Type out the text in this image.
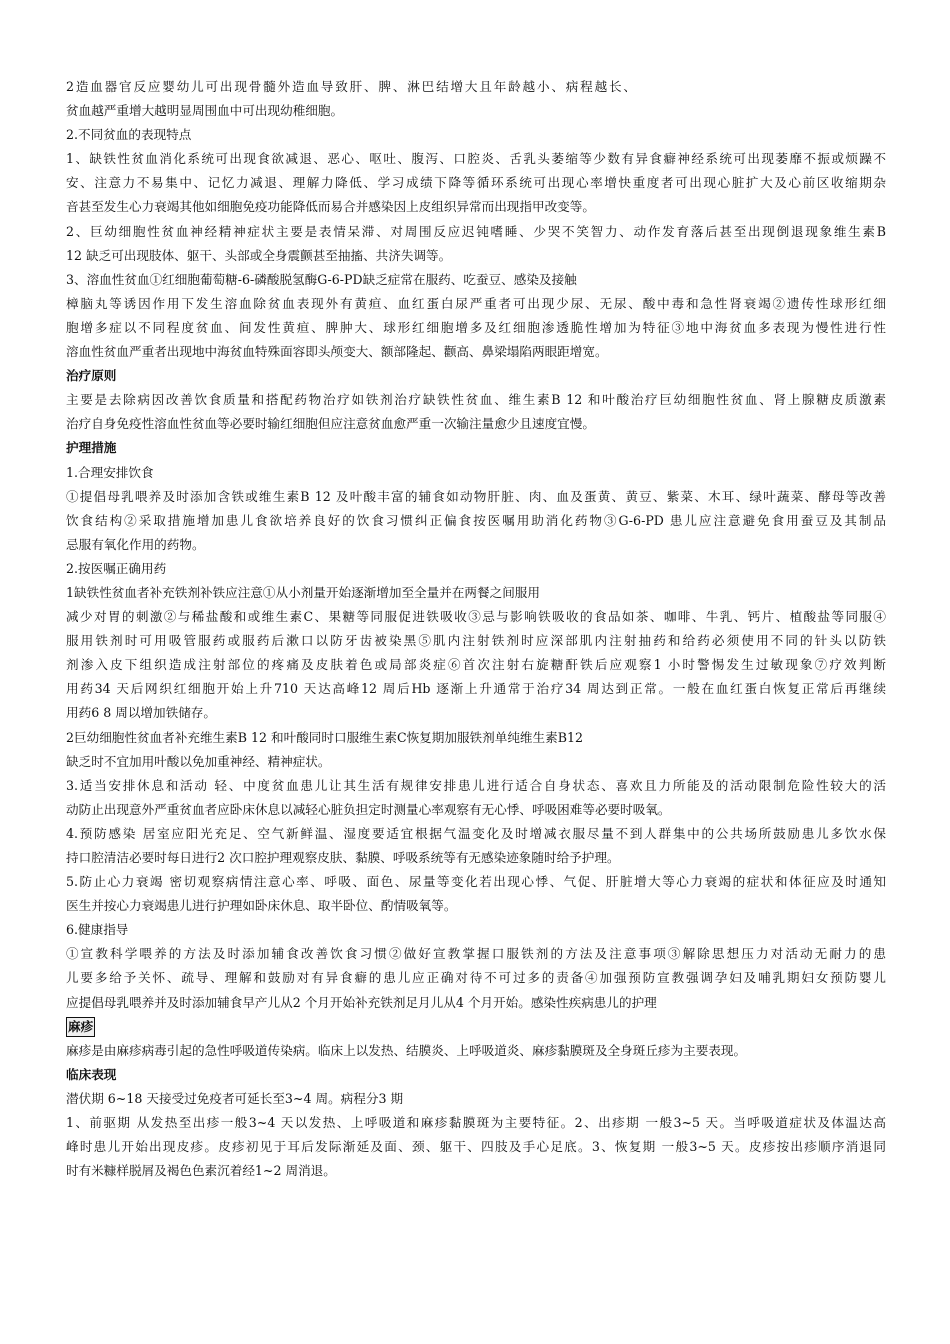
2造血器官反应婴幼儿可出现骨髓外造血导致肝、脾、淋巴结增大且年龄越小、病程越长、
贫血越严重增大越明显周围血中可出现幼稚细胞。
2.不同贫血的表现特点
1、缺铁性贫血消化系统可出现食欲减退、恶心、呕吐、腹泻、口腔炎、舌乳头萎缩等少数有异食癖神经系统可出现萎靡不振或烦躁不
安、注意力不易集中、记忆力减退、理解力降低、学习成绩下降等循环系统可出现心率增快重度者可出现心脏扩大及心前区收缩期杂
音甚至发生心力衰竭其他如细胞免疫功能降低而易合并感染因上皮组织异常而出现指甲改变等。
2、巨幼细胞性贫血神经精神症状主要是表情呆滞、对周围反应迟钝嗜睡、少哭不笑智力、动作发育落后甚至出现倒退现象维生素B
12 缺乏可出现肢体、躯干、头部或全身震颤甚至抽搐、共济失调等。
3、溶血性贫血①红细胞葡萄糖-6-磷酸脱氢酶G-6-PD缺乏症常在服药、吃蚕豆、感染及接触
樟脑丸等诱因作用下发生溶血除贫血表现外有黄疸、血红蛋白尿严重者可出现少尿、无尿、酸中毒和急性肾衰竭②遗传性球形红细
胞增多症以不同程度贫血、间发性黄疸、脾肿大、球形红细胞增多及红细胞渗透脆性增加为特征③地中海贫血多表现为慢性进行性
溶血性贫血严重者出现地中海贫血特殊面容即头颅变大、额部隆起、颧高、鼻梁塌陷两眼距增宽。
治疗原则
主要是去除病因改善饮食质量和搭配药物治疗如铁剂治疗缺铁性贫血、维生素B 12 和叶酸治疗巨幼细胞性贫血、肾上腺糖皮质激素
治疗自身免疫性溶血性贫血等必要时输红细胞但应注意贫血愈严重一次输注量愈少且速度宜慢。
护理措施
1.合理安排饮食
①提倡母乳喂养及时添加含铁或维生素B 12 及叶酸丰富的辅食如动物肝脏、肉、血及蛋黄、黄豆、紫菜、木耳、绿叶蔬菜、酵母等改善
饮食结构②采取措施增加患儿食欲培养良好的饮食习惯纠正偏食按医嘱用助消化药物③G-6-PD 患儿应注意避免食用蚕豆及其制品
忌服有氧化作用的药物。
2.按医嘱正确用药
1缺铁性贫血者补充铁剂补铁应注意①从小剂量开始逐渐增加至全量并在两餐之间服用
减少对胃的刺激②与稀盐酸和或维生素C、果糖等同服促进铁吸收③忌与影响铁吸收的食品如茶、咖啡、牛乳、钙片、植酸盐等同服④
服用铁剂时可用吸管服药或服药后漱口以防牙齿被染黑⑤肌内注射铁剂时应深部肌内注射抽药和给药必须使用不同的针头以防铁
剂渗入皮下组织造成注射部位的疼痛及皮肤着色或局部炎症⑥首次注射右旋糖酐铁后应观察1 小时警惕发生过敏现象⑦疗效判断
用药34 天后网织红细胞开始上升710 天达高峰12 周后Hb 逐渐上升通常于治疗34 周达到正常。一般在血红蛋白恢复正常后再继续
用药6 8 周以增加铁储存。
2巨幼细胞性贫血者补充维生素B 12 和叶酸同时口服维生素C恢复期加服铁剂单纯维生素B12
缺乏时不宜加用叶酸以免加重神经、精神症状。
3.适当安排休息和活动 轻、中度贫血患儿让其生活有规律安排患儿进行适合自身状态、喜欢且力所能及的活动限制危险性较大的活
动防止出现意外严重贫血者应卧床休息以减轻心脏负担定时测量心率观察有无心悸、呼吸困难等必要时吸氧。
4.预防感染 居室应阳光充足、空气新鲜温、湿度要适宜根据气温变化及时增减衣服尽量不到人群集中的公共场所鼓励患儿多饮水保
持口腔清洁必要时每日进行2 次口腔护理观察皮肤、黏膜、呼吸系统等有无感染迹象随时给予护理。
5.防止心力衰竭 密切观察病情注意心率、呼吸、面色、尿量等变化若出现心悸、气促、肝脏增大等心力衰竭的症状和体征应及时通知
医生并按心力衰竭患儿进行护理如卧床休息、取半卧位、酌情吸氧等。
6.健康指导
①宣教科学喂养的方法及时添加辅食改善饮食习惯②做好宣教掌握口服铁剂的方法及注意事项③解除思想压力对活动无耐力的患
儿要多给予关怀、疏导、理解和鼓励对有异食癖的患儿应正确对待不可过多的责备④加强预防宣教强调孕妇及哺乳期妇女预防婴儿
应提倡母乳喂养并及时添加辅食早产儿从2 个月开始补充铁剂足月儿从4 个月开始。感染性疾病患儿的护理
麻疹
麻疹是由麻疹病毒引起的急性呼吸道传染病。临床上以发热、结膜炎、上呼吸道炎、麻疹黏膜斑及全身斑丘疹为主要表现。
临床表现
潜伏期 6~18 天接受过免疫者可延长至3~4 周。病程分3 期
1、前驱期 从发热至出疹一般3~4 天以发热、上呼吸道和麻疹黏膜斑为主要特征。2、出疹期 一般3~5 天。当呼吸道症状及体温达高
峰时患儿开始出现皮疹。皮疹初见于耳后发际渐延及面、颈、躯干、四肢及手心足底。3、恢复期 一般3~5 天。皮疹按出疹顺序消退同
时有米糠样脱屑及褐色色素沉着经1~2 周消退。
